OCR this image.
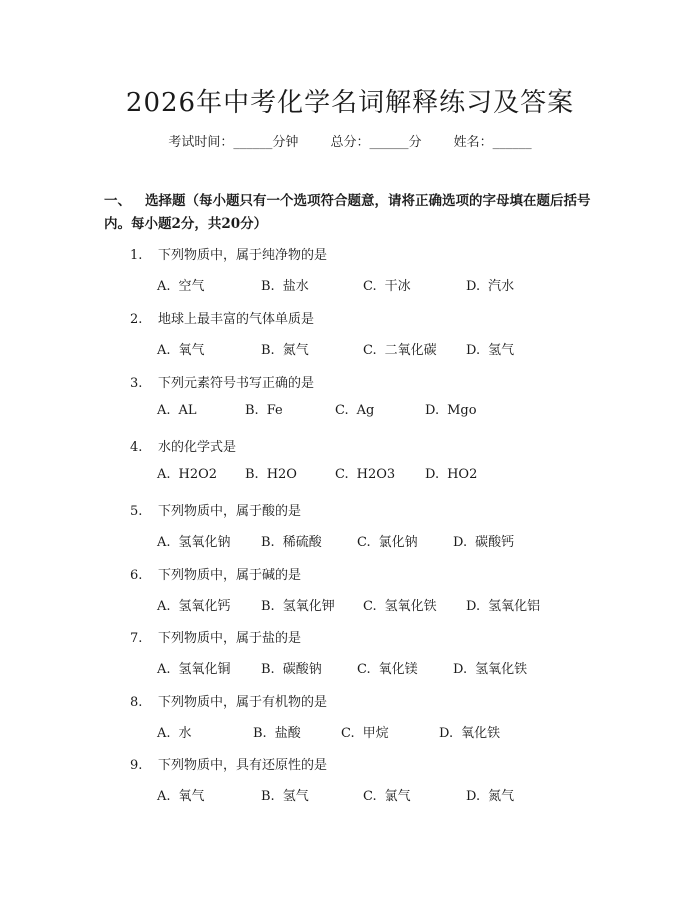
2026年中考化学名词解释练习及答案
考试时间：______分钟 总分：______分 姓名：______
一、 选择题（每小题只有一个选项符合题意，请将正确选项的字母填在题后括号内。每小题2分，共20分）
1. 下列物质中，属于纯净物的是
A. 空气	B. 盐水	C. 干冰	D. 汽水
2. 地球上最丰富的气体单质是
A. 氧气	B. 氮气	C. 二氧化碳 D. 氢气
3. 下列元素符号书写正确的是
A. AL	B. Fe	C. Ag	D. Mgo
4. 水的化学式是
A. H2O2 B. H2O	C. H2O3 D. HO2
5. 下列物质中，属于酸的是
A. 氢氧化钠 B. 稀硫酸	C. 氯化钠	D. 碳酸钙
6. 下列物质中，属于碱的是
A. 氢氧化钙 B. 氢氧化钾 C. 氢氧化铁 D. 氢氧化铝
7. 下列物质中，属于盐的是
A. 氢氧化铜 B. 碳酸钠	C. 氧化镁	D. 氢氧化铁
8. 下列物质中，属于有机物的是
A. 水	B. 盐酸	C. 甲烷	D. 氧化铁
9. 下列物质中，具有还原性的是
A. 氧气	B. 氢气	C. 氯气	D. 氮气
